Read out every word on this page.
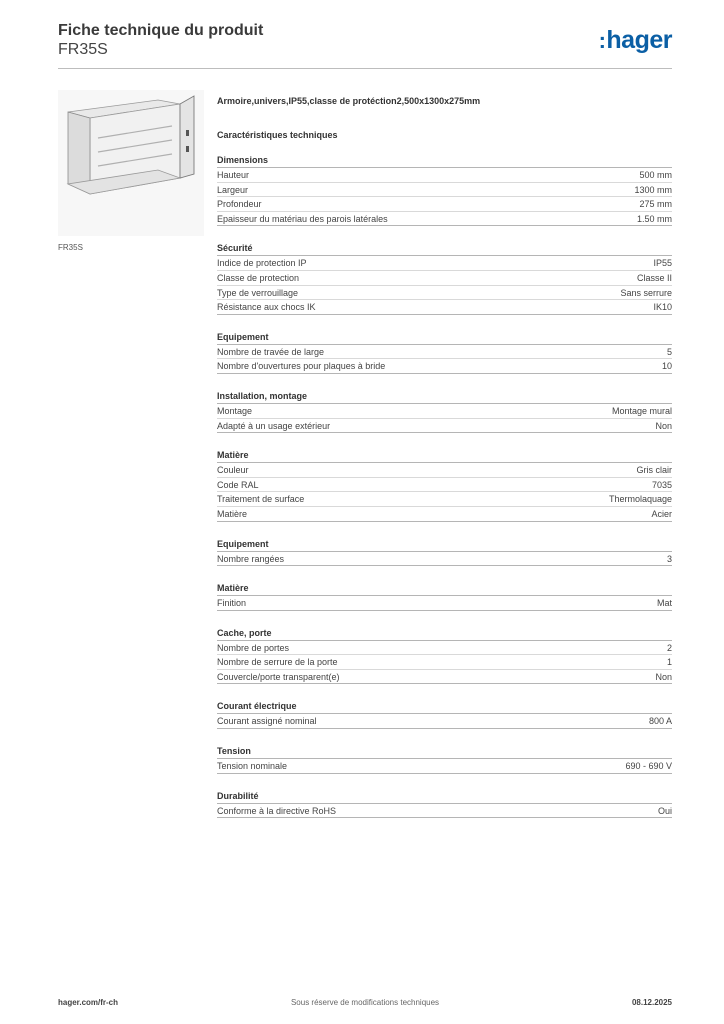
Fiche technique du produit
FR35S	:hager
FR35S
Armoire,univers,IP55,classe de protéction2,500x1300x275mm
Caractéristiques techniques
Dimensions
Hauteur	500 mm
Largeur	1300 mm
Profondeur	275 mm
Epaisseur du matériau des parois latérales	1.50 mm
Sécurité
Indice de protection IP	IP55
Classe de protection	Classe II
Type de verrouillage	Sans serrure
Résistance aux chocs IK	IK10
Equipement
Nombre de travée de large	5
Nombre d'ouvertures pour plaques à bride	10
Installation, montage
Montage	Montage mural
Adapté à un usage extérieur	Non
Matière
Couleur	Gris clair
Code RAL	7035
Traitement de surface	Thermolaquage
Matière	Acier
Equipement
Nombre rangées	3
Matière
Finition	Mat
Cache, porte
Nombre de portes	2
Nombre de serrure de la porte	1
Couvercle/porte transparent(e)	Non
Courant électrique
Courant assigné nominal	800 A
Tension
Tension nominale	690 - 690 V
Durabilité
Conforme à la directive RoHS	Oui
hager.com/fr-ch	Sous réserve de modifications techniques	08.12.2025
